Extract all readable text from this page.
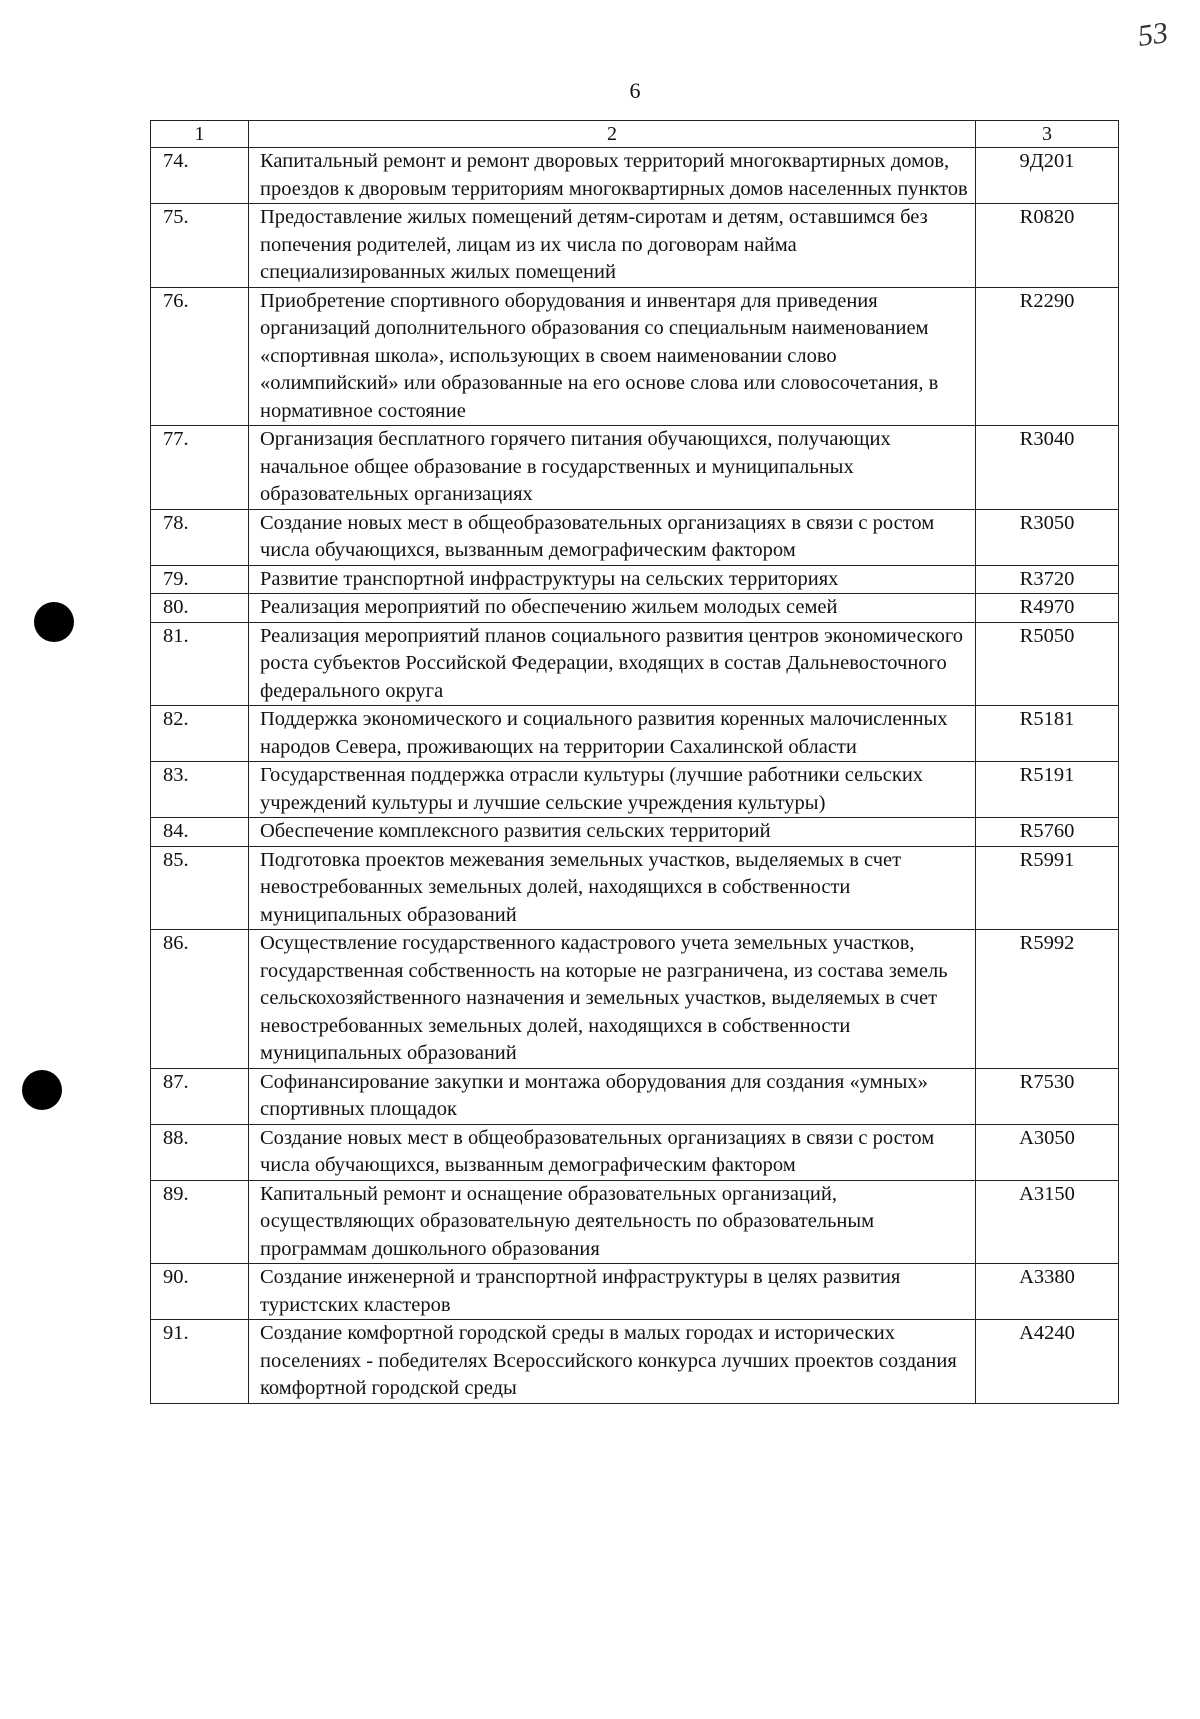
6
53
1	2	3
74.	Капитальный ремонт и ремонт дворовых территорий многоквартирных домов, проездов к дворовым территориям многоквартирных домов населенных пунктов	9Д201
75.	Предоставление жилых помещений детям-сиротам и детям, оставшимся без попечения родителей, лицам из их числа по договорам найма специализированных жилых помещений	R0820
76.	Приобретение спортивного оборудования и инвентаря для приведения организаций дополнительного образования со специальным наименованием «спортивная школа», использующих в своем наименовании слово «олимпийский» или образованные на его основе слова или словосочетания, в нормативное состояние	R2290
77.	Организация бесплатного горячего питания обучающихся, получающих начальное общее образование в государственных и муниципальных образовательных организациях	R3040
78.	Создание новых мест в общеобразовательных организациях в связи с ростом числа обучающихся, вызванным демографическим фактором	R3050
79.	Развитие транспортной инфраструктуры на сельских территориях	R3720
80.	Реализация мероприятий по обеспечению жильем молодых семей	R4970
81.	Реализация мероприятий планов социального развития центров экономического роста субъектов Российской Федерации, входящих в состав Дальневосточного федерального округа	R5050
82.	Поддержка экономического и социального развития коренных малочисленных народов Севера, проживающих на территории Сахалинской области	R5181
83.	Государственная поддержка отрасли культуры (лучшие работники сельских учреждений культуры и лучшие сельские учреждения культуры)	R5191
84.	Обеспечение комплексного развития сельских территорий	R5760
85.	Подготовка проектов межевания земельных участков, выделяемых в счет невостребованных земельных долей, находящихся в собственности муниципальных образований	R5991
86.	Осуществление государственного кадастрового учета земельных участков, государственная собственность на которые не разграничена, из состава земель сельскохозяйственного назначения и земельных участков, выделяемых в счет невостребованных земельных долей, находящихся в собственности муниципальных образований	R5992
87.	Софинансирование закупки и монтажа оборудования для создания «умных» спортивных площадок	R7530
88.	Создание новых мест в общеобразовательных организациях в связи с ростом числа обучающихся, вызванным демографическим фактором	A3050
89.	Капитальный ремонт и оснащение образовательных организаций, осуществляющих образовательную деятельность по образовательным программам дошкольного образования	A3150
90.	Создание инженерной и транспортной инфраструктуры в целях развития туристских кластеров	A3380
91.	Создание комфортной городской среды в малых городах и исторических поселениях - победителях Всероссийского конкурса лучших проектов создания комфортной городской среды	A4240
